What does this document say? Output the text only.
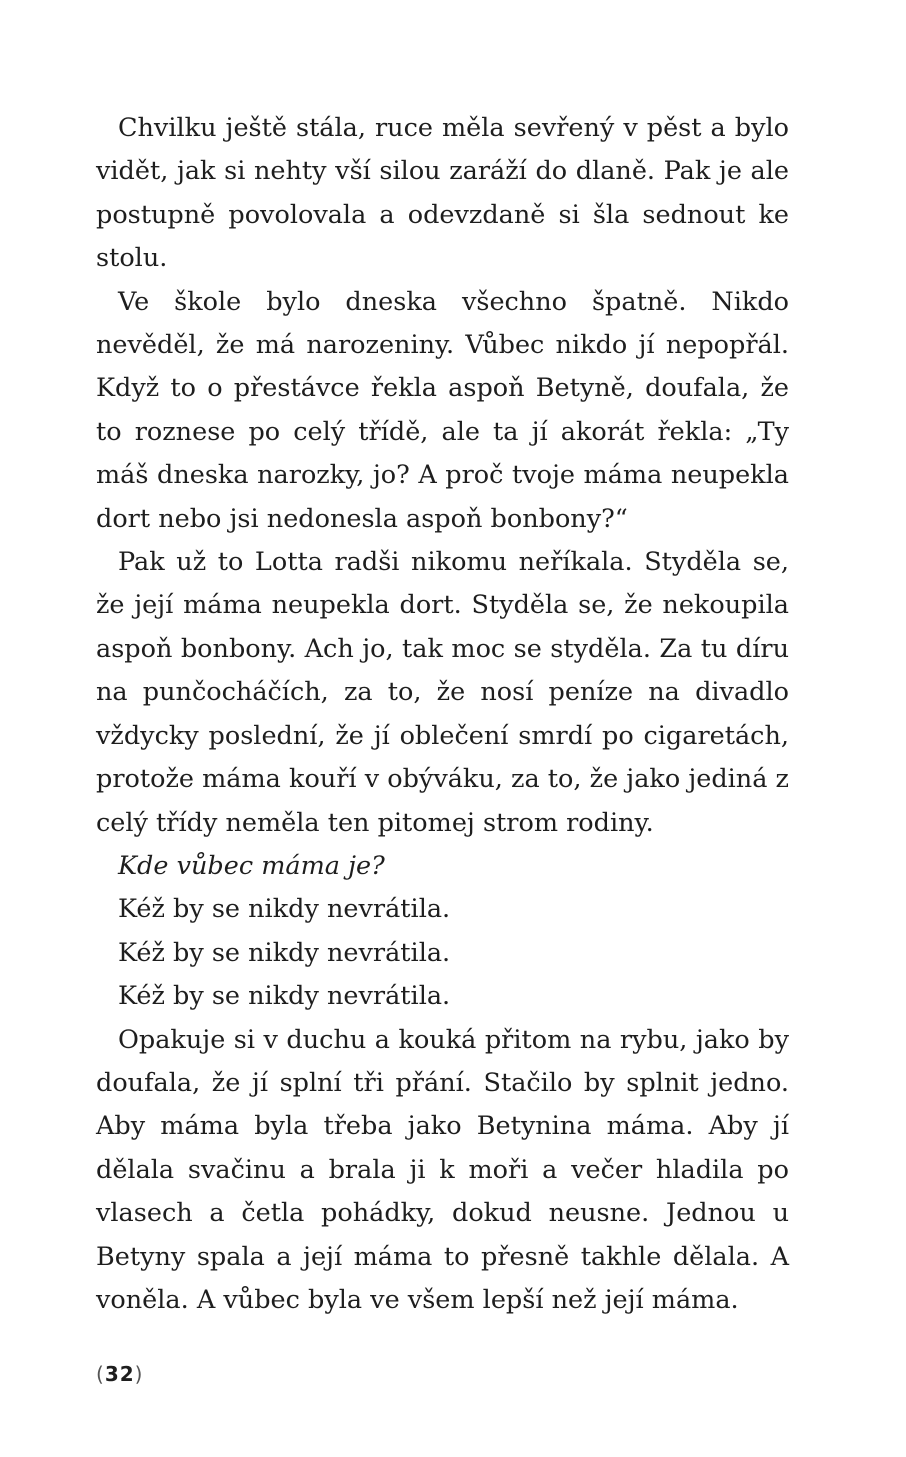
Chvilku ještě stála, ruce měla sevřený v pěst a bylo vidět, jak si nehty vší silou zaráží do dlaně. Pak je ale postupně povolovala a odevzdaně si šla sednout ke stolu.

Ve škole bylo dneska všechno špatně. Nikdo nevěděl, že má narozeniny. Vůbec nikdo jí nepopřál. Když to o přestávce řekla aspoň Betyně, doufala, že to roznese po celý třídě, ale ta jí akorát řekla: „Ty máš dneska narozky, jo? A proč tvoje máma neupekla dort nebo jsi nedonesla aspoň bonbony?“

Pak už to Lotta radši nikomu neříkala. Styděla se, že její máma neupekla dort. Styděla se, že nekoupila aspoň bonbony. Ach jo, tak moc se styděla. Za tu díru na punčocháčích, za to, že nosí peníze na divadlo vždycky poslední, že jí oblečení smrdí po cigaretách, protože máma kouří v obýváku, za to, že jako jediná z celý třídy neměla ten pitomej strom rodiny.

Kde vůbec máma je?

Kéž by se nikdy nevrátila.

Kéž by se nikdy nevrátila.

Kéž by se nikdy nevrátila.

Opakuje si v duchu a kouká přitom na rybu, jako by doufala, že jí splní tři přání. Stačilo by splnit jedno. Aby máma byla třeba jako Betynina máma. Aby jí dělala svačinu a brala ji k moři a večer hladila po vlasech a četla pohádky, dokud neusne. Jednou u Betyny spala a její máma to přesně takhle dělala. A voněla. A vůbec byla ve všem lepší než její máma.

(32)
